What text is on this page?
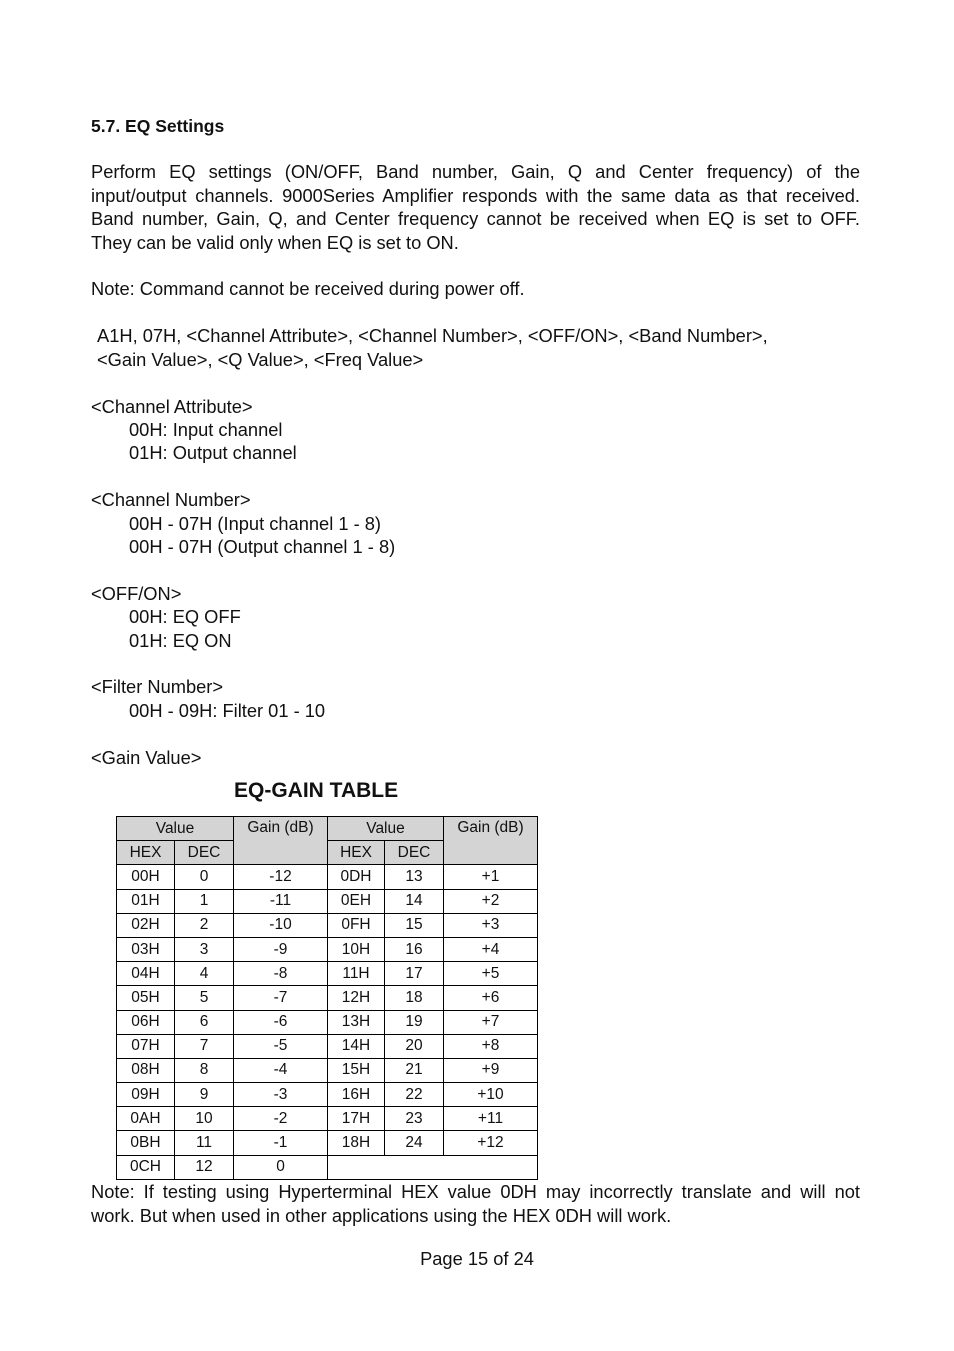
5.7. EQ Settings
Perform EQ settings (ON/OFF, Band number, Gain, Q and Center frequency) of the
input/output channels. 9000Series Amplifier responds with the same data as that received.
Band number, Gain, Q, and Center frequency cannot be received when EQ is set to OFF.
They can be valid only when EQ is set to ON.
Note: Command cannot be received during power off.
A1H, 07H, <Channel Attribute>, <Channel Number>, <OFF/ON>, <Band Number>,
<Gain Value>, <Q Value>, <Freq Value>
<Channel Attribute>
00H: Input channel
01H: Output channel
<Channel Number>
00H - 07H (Input channel 1 - 8)
00H - 07H (Output channel 1 - 8)
<OFF/ON>
00H: EQ OFF
01H: EQ ON
<Filter Number>
00H - 09H: Filter 01 - 10
<Gain Value>
EQ-GAIN TABLE
Value		Gain (dB)	Value		Gain (dB)
HEX	DEC		HEX	DEC	
00H	0	-12	0DH	13	+1
01H	1	-11	0EH	14	+2
02H	2	-10	0FH	15	+3
03H	3	-9	10H	16	+4
04H	4	-8	11H	17	+5
05H	5	-7	12H	18	+6
06H	6	-6	13H	19	+7
07H	7	-5	14H	20	+8
08H	8	-4	15H	21	+9
09H	9	-3	16H	22	+10
0AH	10	-2	17H	23	+11
0BH	11	-1	18H	24	+12
0CH	12	0			
Note: If testing using Hyperterminal HEX value 0DH may incorrectly translate and will not
work. But when used in other applications using the HEX 0DH will work.
Page 15 of 24
